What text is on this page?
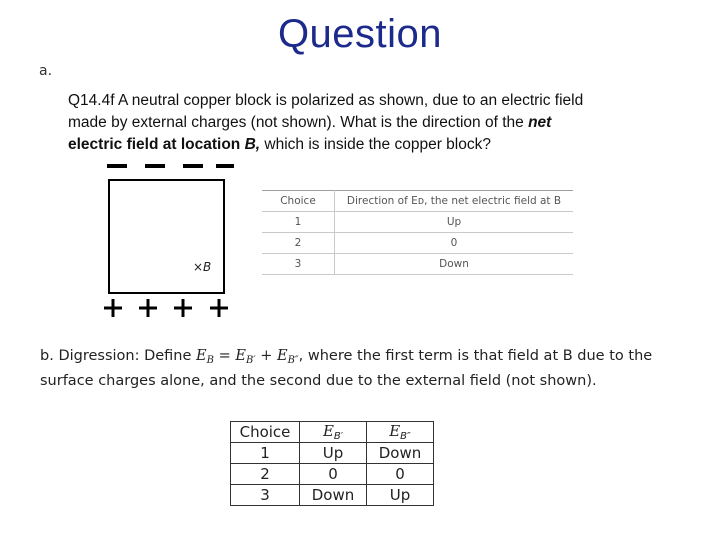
Question
a.
Q14.4f A neutral copper block is polarized as shown, due to an electric field
made by external charges (not shown). What is the direction of the net
electric field at location B, which is inside the copper block?
×B
Choice	Direction of Eᴅ, the net electric field at B
1	Up
2	0
3	Down
b. Digression: Define $E_B = E_{B'} + E_{B''}$, where the first term is that field at B due to the surface charges alone, and the second due to the external field (not shown).
Choice	$E_{B'}$	$E_{B''}$
1	Up	Down
2	0	0
3	Down	Up
